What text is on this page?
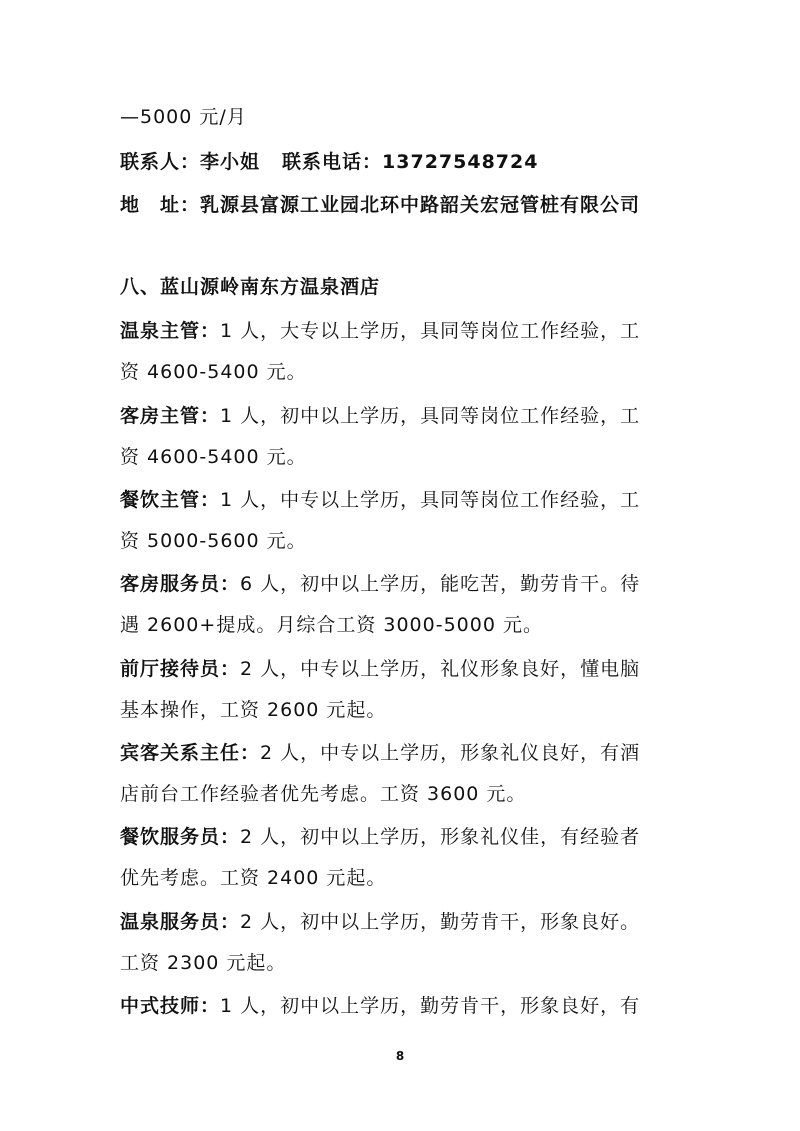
—5000 元/月
联系人：李小姐 联系电话：13727548724
地　址：乳源县富源工业园北环中路韶关宏冠管桩有限公司
八、蓝山源岭南东方温泉酒店
温泉主管：1 人，大专以上学历，具同等岗位工作经验，工
资 4600-5400 元。
客房主管：1 人，初中以上学历，具同等岗位工作经验，工
资 4600-5400 元。
餐饮主管：1 人，中专以上学历，具同等岗位工作经验，工
资 5000-5600 元。
客房服务员：6 人，初中以上学历，能吃苦，勤劳肯干。待
遇 2600+提成。月综合工资 3000-5000 元。
前厅接待员：2 人，中专以上学历，礼仪形象良好，懂电脑
基本操作，工资 2600 元起。
宾客关系主任：2 人，中专以上学历，形象礼仪良好，有酒
店前台工作经验者优先考虑。工资 3600 元。
餐饮服务员：2 人，初中以上学历，形象礼仪佳，有经验者
优先考虑。工资 2400 元起。
温泉服务员：2 人，初中以上学历，勤劳肯干，形象良好。
工资 2300 元起。
中式技师：1 人，初中以上学历，勤劳肯干，形象良好，有
8
